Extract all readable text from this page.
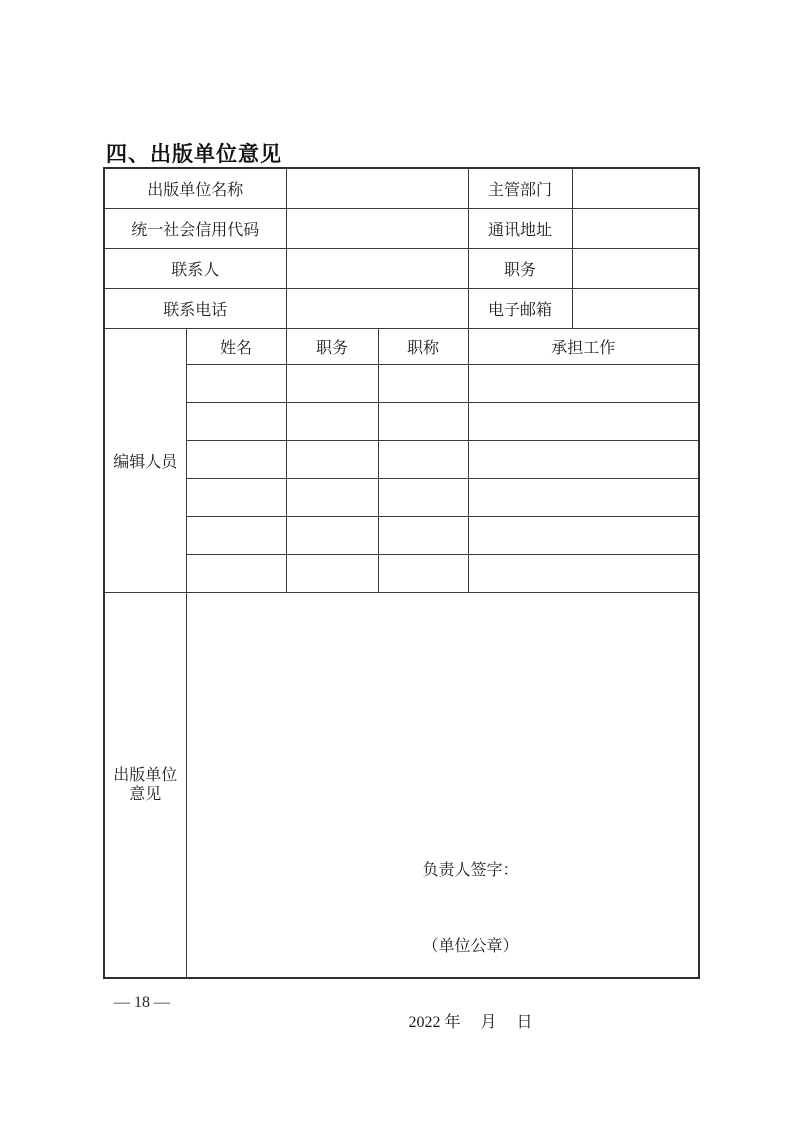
四、出版单位意见
出版单位名称				主管部门	
统一社会信用代码				通讯地址	
联系人				职务	
联系电话				电子邮箱	
编辑人员	姓名	职务	职称	承担工作	

出版单位
意见

负责人签字：

（单位公章）

2022 年　 月　 日

— 18 —
